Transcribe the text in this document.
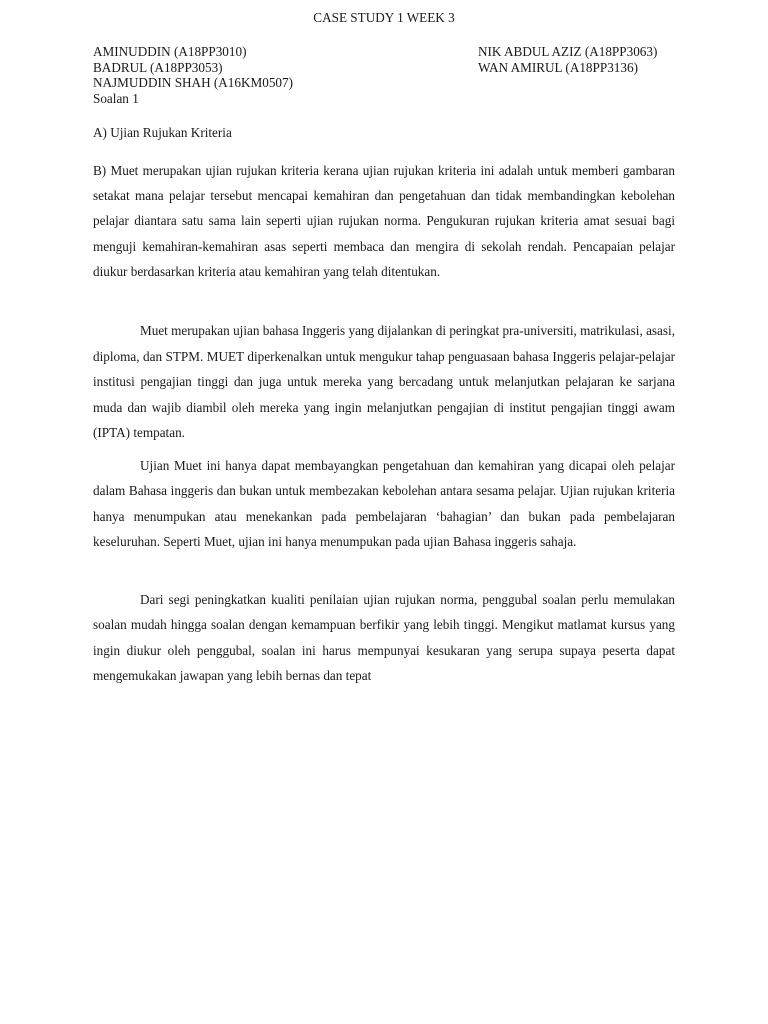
CASE STUDY 1 WEEK 3
AMINUDDIN (A18PP3010)
BADRUL (A18PP3053)
NAJMUDDIN SHAH (A16KM0507)
Soalan 1
NIK ABDUL AZIZ (A18PP3063)
WAN AMIRUL (A18PP3136)
A) Ujian Rujukan Kriteria
B) Muet merupakan ujian rujukan kriteria kerana ujian rujukan kriteria ini adalah untuk memberi gambaran setakat mana pelajar tersebut mencapai kemahiran dan pengetahuan dan tidak membandingkan kebolehan pelajar diantara satu sama lain seperti ujian rujukan norma. Pengukuran rujukan kriteria amat sesuai bagi menguji kemahiran-kemahiran asas seperti membaca dan mengira di sekolah rendah. Pencapaian pelajar diukur berdasarkan kriteria atau kemahiran yang telah ditentukan.
Muet merupakan ujian bahasa Inggeris yang dijalankan di peringkat pra-universiti, matrikulasi, asasi, diploma, dan STPM. MUET diperkenalkan untuk mengukur tahap penguasaan bahasa Inggeris pelajar-pelajar institusi pengajian tinggi dan juga untuk mereka yang bercadang untuk melanjutkan pelajaran ke sarjana muda dan wajib diambil oleh mereka yang ingin melanjutkan pengajian di institut pengajian tinggi awam (IPTA) tempatan.
Ujian Muet ini hanya dapat membayangkan pengetahuan dan kemahiran yang dicapai oleh pelajar dalam Bahasa inggeris dan bukan untuk membezakan kebolehan antara sesama pelajar. Ujian rujukan kriteria hanya menumpukan atau menekankan pada pembelajaran ‘bahagian’ dan bukan pada pembelajaran keseluruhan. Seperti Muet, ujian ini hanya menumpukan pada ujian Bahasa inggeris sahaja.
Dari segi peningkatkan kualiti penilaian ujian rujukan norma, penggubal soalan perlu memulakan soalan mudah hingga soalan dengan kemampuan berfikir yang lebih tinggi. Mengikut matlamat kursus yang ingin diukur oleh penggubal, soalan ini harus mempunyai kesukaran yang serupa supaya peserta dapat mengemukakan jawapan yang lebih bernas dan tepat
